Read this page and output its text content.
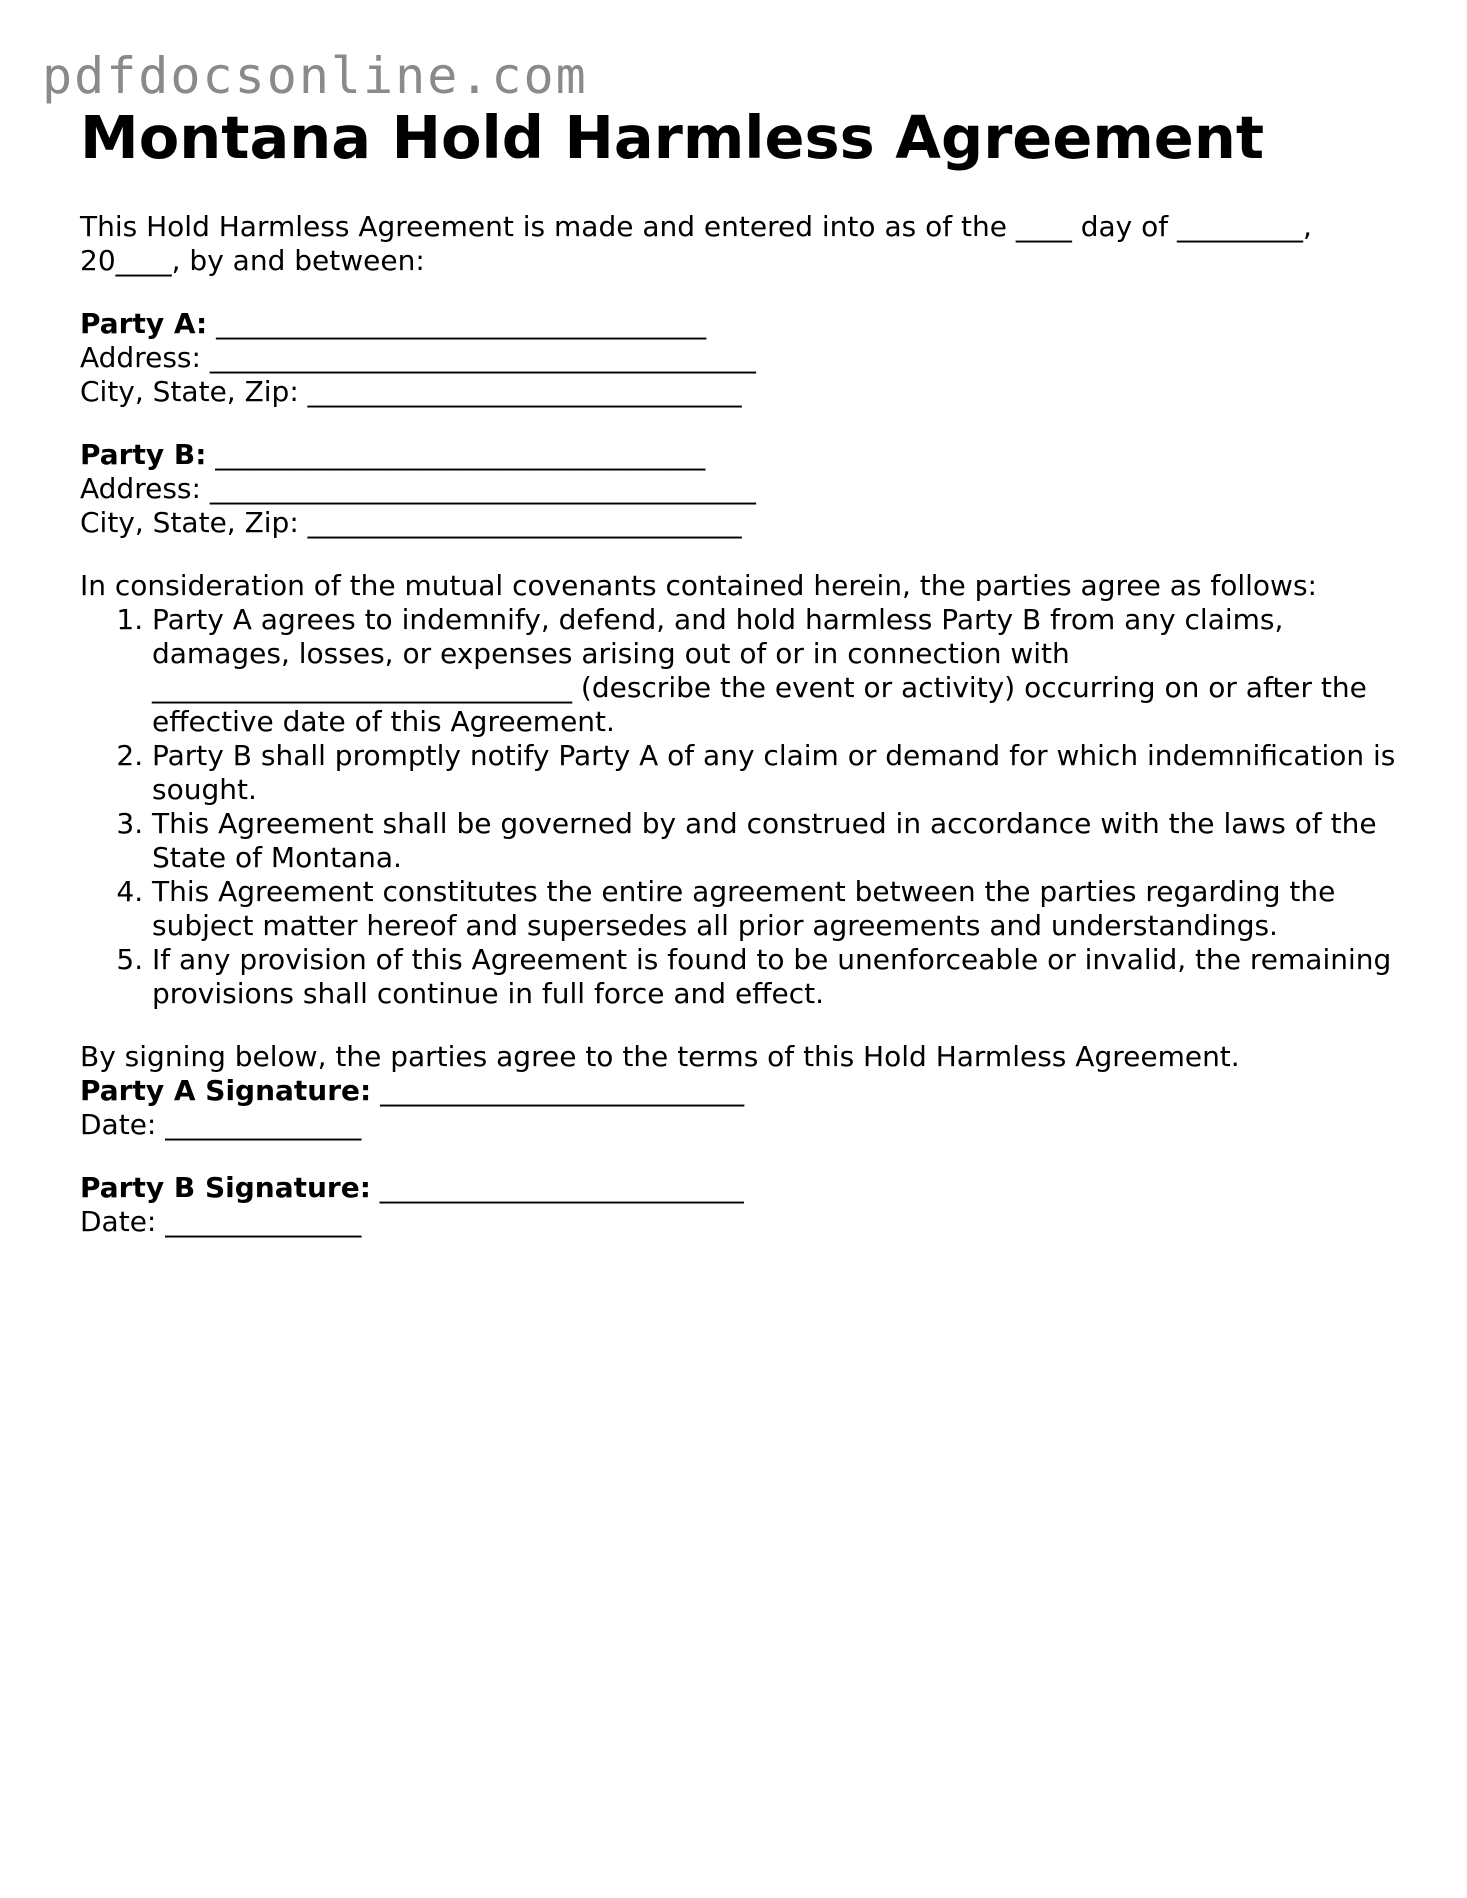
pdfdocsonline.com
Montana Hold Harmless Agreement

This Hold Harmless Agreement is made and entered into as of the ____ day of _________,

20____, by and between:

Party A: ___________________________________

Address: _______________________________________

City, State, Zip: _______________________________

Party B: ___________________________________

Address: _______________________________________

City, State, Zip: _______________________________

In consideration of the mutual covenants contained herein, the parties agree as follows:

1. Party A agrees to indemnify, defend, and hold harmless Party B from any claims, damages, losses, or expenses arising out of or in connection with ______________________________ (describe the event or activity) occurring on or after the effective date of this Agreement.
2. Party B shall promptly notify Party A of any claim or demand for which indemnification is sought.
3. This Agreement shall be governed by and construed in accordance with the laws of the State of Montana.
4. This Agreement constitutes the entire agreement between the parties regarding the subject matter hereof and supersedes all prior agreements and understandings.
5. If any provision of this Agreement is found to be unenforceable or invalid, the remaining provisions shall continue in full force and effect.

By signing below, the parties agree to the terms of this Hold Harmless Agreement.

Party A Signature: __________________________

Date: ______________

Party B Signature: __________________________

Date: ______________
